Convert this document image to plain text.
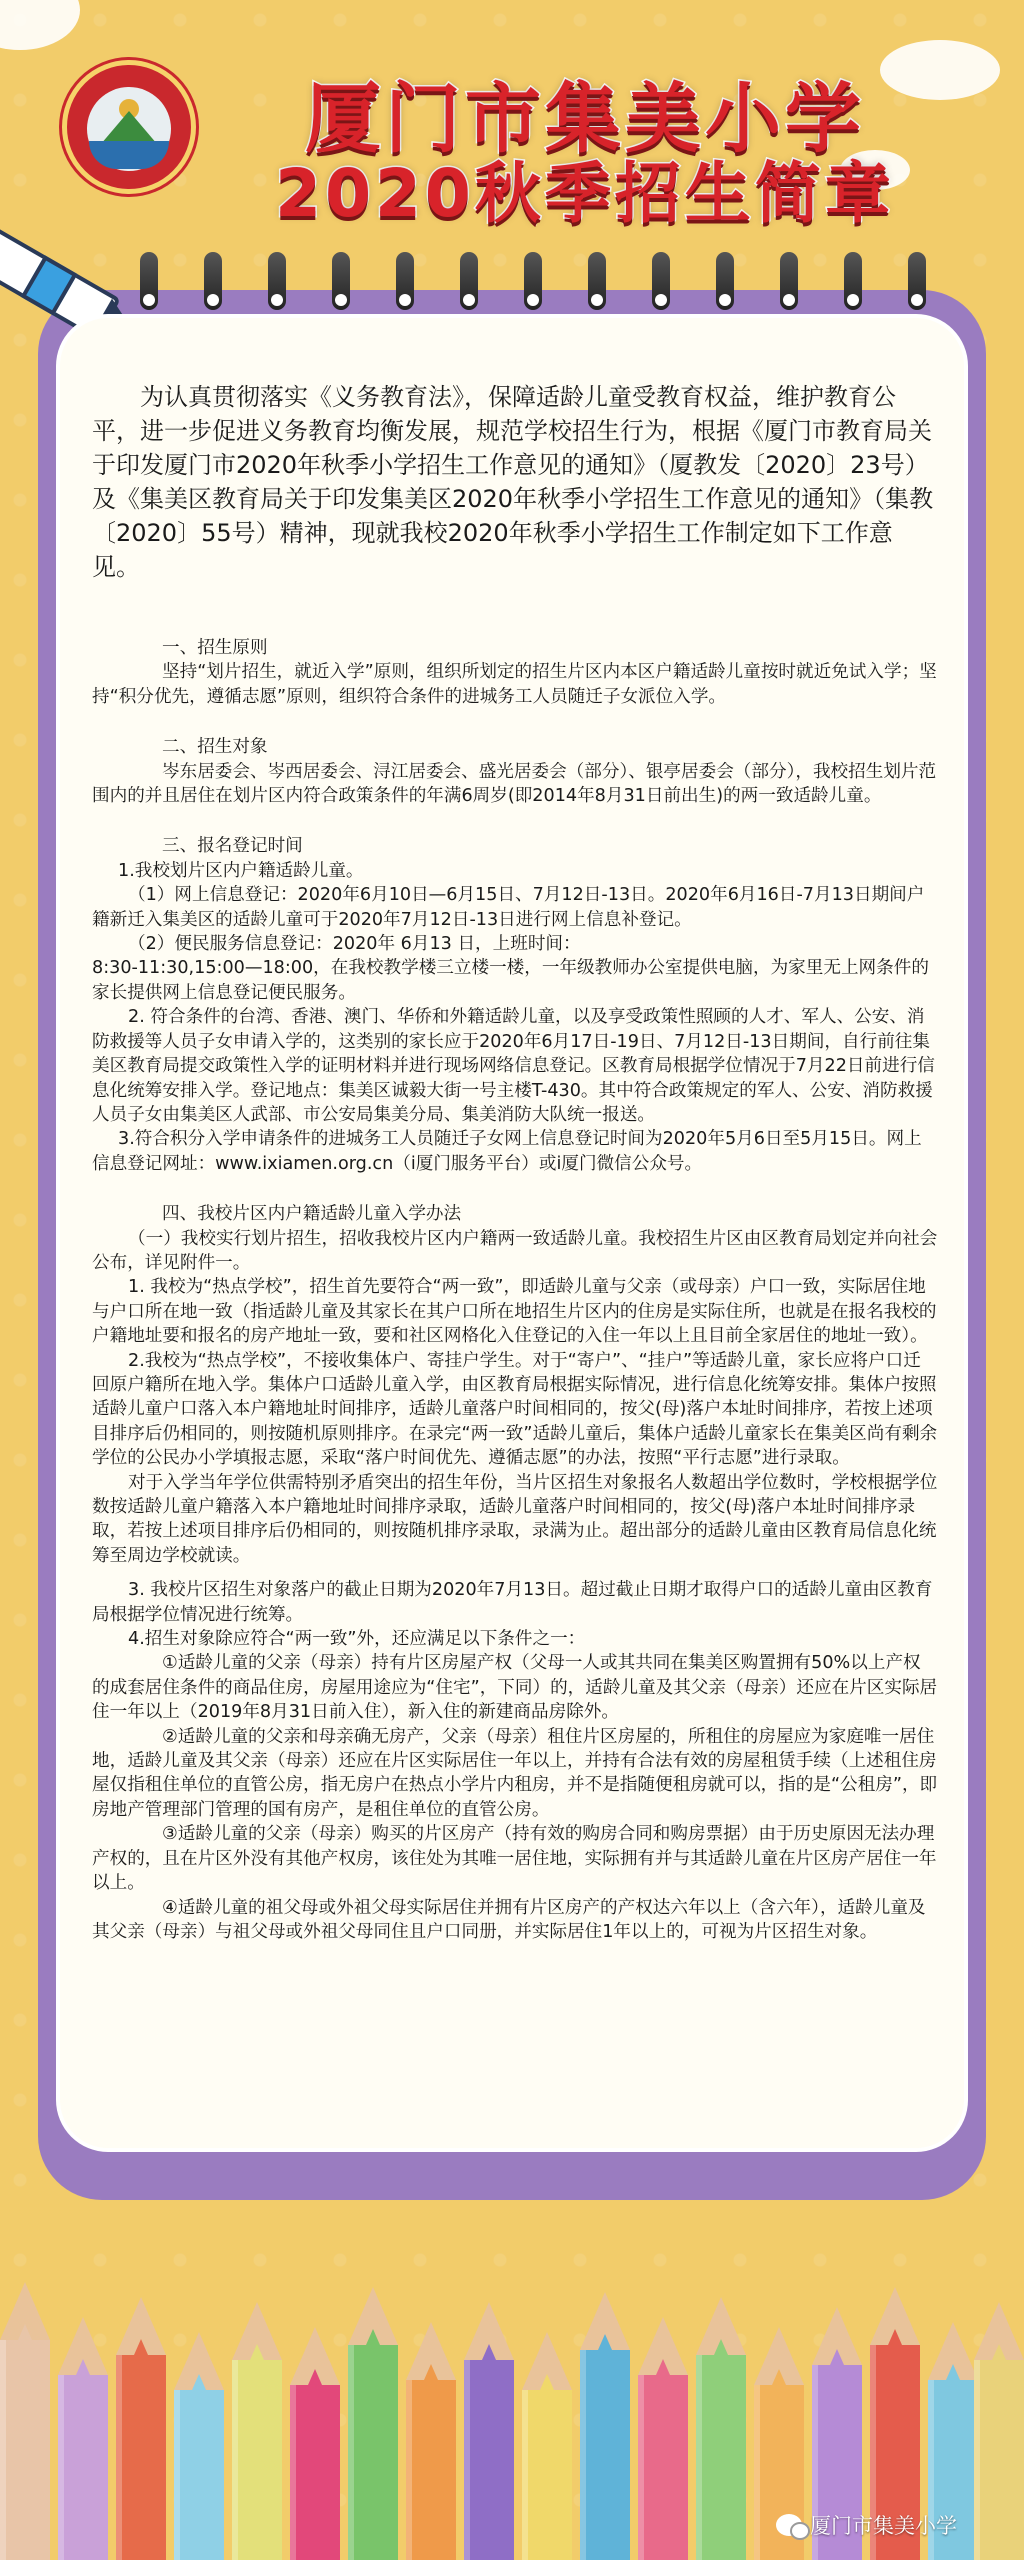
厦门市集美小学
2020秋季招生简章

为认真贯彻落实《义务教育法》，保障适龄儿童受教育权益，维护教育公平，进一步促进义务教育均衡发展，规范学校招生行为，根据《厦门市教育局关于印发厦门市2020年秋季小学招生工作意见的通知》（厦教发〔2020〕23号）及《集美区教育局关于印发集美区2020年秋季小学招生工作意见的通知》（集教〔2020〕55号）精神，现就我校2020年秋季小学招生工作制定如下工作意见。

一、招生原则

坚持“划片招生，就近入学”原则，组织所划定的招生片区内本区户籍适龄儿童按时就近免试入学；坚持“积分优先，遵循志愿”原则，组织符合条件的进城务工人员随迁子女派位入学。

二、招生对象

岑东居委会、岑西居委会、浔江居委会、盛光居委会（部分）、银亭居委会（部分），我校招生划片范围内的并且居住在划片区内符合政策条件的年满6周岁(即2014年8月31日前出生)的两一致适龄儿童。

三、报名登记时间

1.我校划片区内户籍适龄儿童。

（1）网上信息登记：2020年6月10日—6月15日、7月12日-13日。2020年6月16日-7月13日期间户籍新迁入集美区的适龄儿童可于2020年7月12日-13日进行网上信息补登记。

（2）便民服务信息登记：2020年 6月13 日，上班时间：

8:30-11:30,15:00—18:00，在我校教学楼三立楼一楼，一年级教师办公室提供电脑，为家里无上网条件的家长提供网上信息登记便民服务。

2. 符合条件的台湾、香港、澳门、华侨和外籍适龄儿童，以及享受政策性照顾的人才、军人、公安、消防救援等人员子女申请入学的，这类别的家长应于2020年6月17日-19日、7月12日-13日期间，自行前往集美区教育局提交政策性入学的证明材料并进行现场网络信息登记。区教育局根据学位情况于7月22日前进行信息化统筹安排入学。登记地点：集美区诚毅大街一号主楼T-430。其中符合政策规定的军人、公安、消防救援人员子女由集美区人武部、市公安局集美分局、集美消防大队统一报送。

3.符合积分入学申请条件的进城务工人员随迁子女网上信息登记时间为2020年5月6日至5月15日。网上信息登记网址：www.ixiamen.org.cn（i厦门服务平台）或i厦门微信公众号。

四、我校片区内户籍适龄儿童入学办法

（一）我校实行划片招生，招收我校片区内户籍两一致适龄儿童。我校招生片区由区教育局划定并向社会公布，详见附件一。

1. 我校为“热点学校”，招生首先要符合“两一致”，即适龄儿童与父亲（或母亲）户口一致，实际居住地与户口所在地一致（指适龄儿童及其家长在其户口所在地招生片区内的住房是实际住所，也就是在报名我校的户籍地址要和报名的房产地址一致，要和社区网格化入住登记的入住一年以上且目前全家居住的地址一致）。

2.我校为“热点学校”，不接收集体户、寄挂户学生。对于“寄户”、“挂户”等适龄儿童，家长应将户口迁回原户籍所在地入学。集体户口适龄儿童入学，由区教育局根据实际情况，进行信息化统筹安排。集体户按照适龄儿童户口落入本户籍地址时间排序，适龄儿童落户时间相同的，按父(母)落户本址时间排序，若按上述项目排序后仍相同的，则按随机原则排序。在录完“两一致”适龄儿童后，集体户适龄儿童家长在集美区尚有剩余学位的公民办小学填报志愿，采取“落户时间优先、遵循志愿”的办法，按照“平行志愿”进行录取。

对于入学当年学位供需特别矛盾突出的招生年份，当片区招生对象报名人数超出学位数时，学校根据学位数按适龄儿童户籍落入本户籍地址时间排序录取，适龄儿童落户时间相同的，按父(母)落户本址时间排序录取，若按上述项目排序后仍相同的，则按随机排序录取，录满为止。超出部分的适龄儿童由区教育局信息化统筹至周边学校就读。

3. 我校片区招生对象落户的截止日期为2020年7月13日。超过截止日期才取得户口的适龄儿童由区教育局根据学位情况进行统筹。

4.招生对象除应符合“两一致”外，还应满足以下条件之一：

①适龄儿童的父亲（母亲）持有片区房屋产权（父母一人或其共同在集美区购置拥有50%以上产权的成套居住条件的商品住房，房屋用途应为“住宅”，下同）的，适龄儿童及其父亲（母亲）还应在片区实际居住一年以上（2019年8月31日前入住），新入住的新建商品房除外。

②适龄儿童的父亲和母亲确无房产，父亲（母亲）租住片区房屋的，所租住的房屋应为家庭唯一居住地，适龄儿童及其父亲（母亲）还应在片区实际居住一年以上，并持有合法有效的房屋租赁手续（上述租住房屋仅指租住单位的直管公房，指无房户在热点小学片内租房，并不是指随便租房就可以，指的是“公租房”，即房地产管理部门管理的国有房产，是租住单位的直管公房。

③适龄儿童的父亲（母亲）购买的片区房产（持有效的购房合同和购房票据）由于历史原因无法办理产权的，且在片区外没有其他产权房，该住处为其唯一居住地，实际拥有并与其适龄儿童在片区房产居住一年以上。

④适龄儿童的祖父母或外祖父母实际居住并拥有片区房产的产权达六年以上（含六年），适龄儿童及其父亲（母亲）与祖父母或外祖父母同住且户口同册，并实际居住1年以上的，可视为片区招生对象。

厦门市集美小学
